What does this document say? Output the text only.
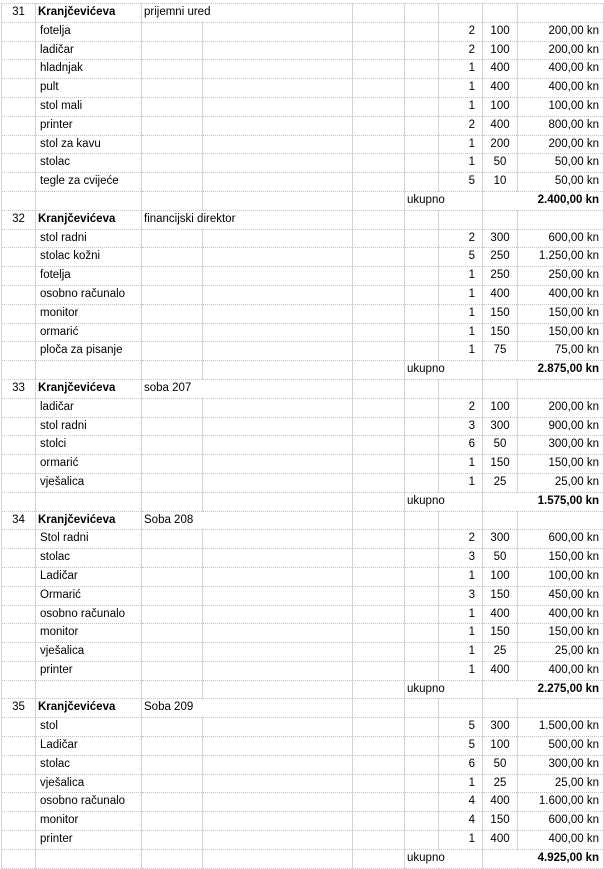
31	Kranjčevićeva	prijemni ured						
	fotelja					2	100	200,00 kn
	ladičar					2	100	200,00 kn
	hladnjak					1	400	400,00 kn
	pult					1	400	400,00 kn
	stol mali					1	100	100,00 kn
	printer					2	400	800,00 kn
	stol za kavu					1	200	200,00 kn
	stolac					1	50	50,00 kn
	tegle za cvijeće					5	10	50,00 kn
					ukupno		2.400,00 kn	
32	Kranjčevićeva	financijski direktor						
	stol radni					2	300	600,00 kn
	stolac kožni					5	250	1.250,00 kn
	fotelja					1	250	250,00 kn
	osobno računalo					1	400	400,00 kn
	monitor					1	150	150,00 kn
	ormarić					1	150	150,00 kn
	ploča za pisanje					1	75	75,00 kn
					ukupno		2.875,00 kn	
33	Kranjčevićeva	soba 207						
	ladičar					2	100	200,00 kn
	stol radni					3	300	900,00 kn
	stolci					6	50	300,00 kn
	ormarić					1	150	150,00 kn
	vješalica					1	25	25,00 kn
					ukupno		1.575,00 kn	
34	Kranjčevićeva	Soba 208						
	Stol radni					2	300	600,00 kn
	stolac					3	50	150,00 kn
	Ladičar					1	100	100,00 kn
	Ormarić					3	150	450,00 kn
	osobno računalo					1	400	400,00 kn
	monitor					1	150	150,00 kn
	vješalica					1	25	25,00 kn
	printer					1	400	400,00 kn
					ukupno		2.275,00 kn	
35	Kranjčevićeva	Soba 209						
	stol					5	300	1.500,00 kn
	Ladičar					5	100	500,00 kn
	stolac					6	50	300,00 kn
	vješalica					1	25	25,00 kn
	osobno računalo					4	400	1.600,00 kn
	monitor					4	150	600,00 kn
	printer					1	400	400,00 kn
					ukupno		4.925,00 kn	
